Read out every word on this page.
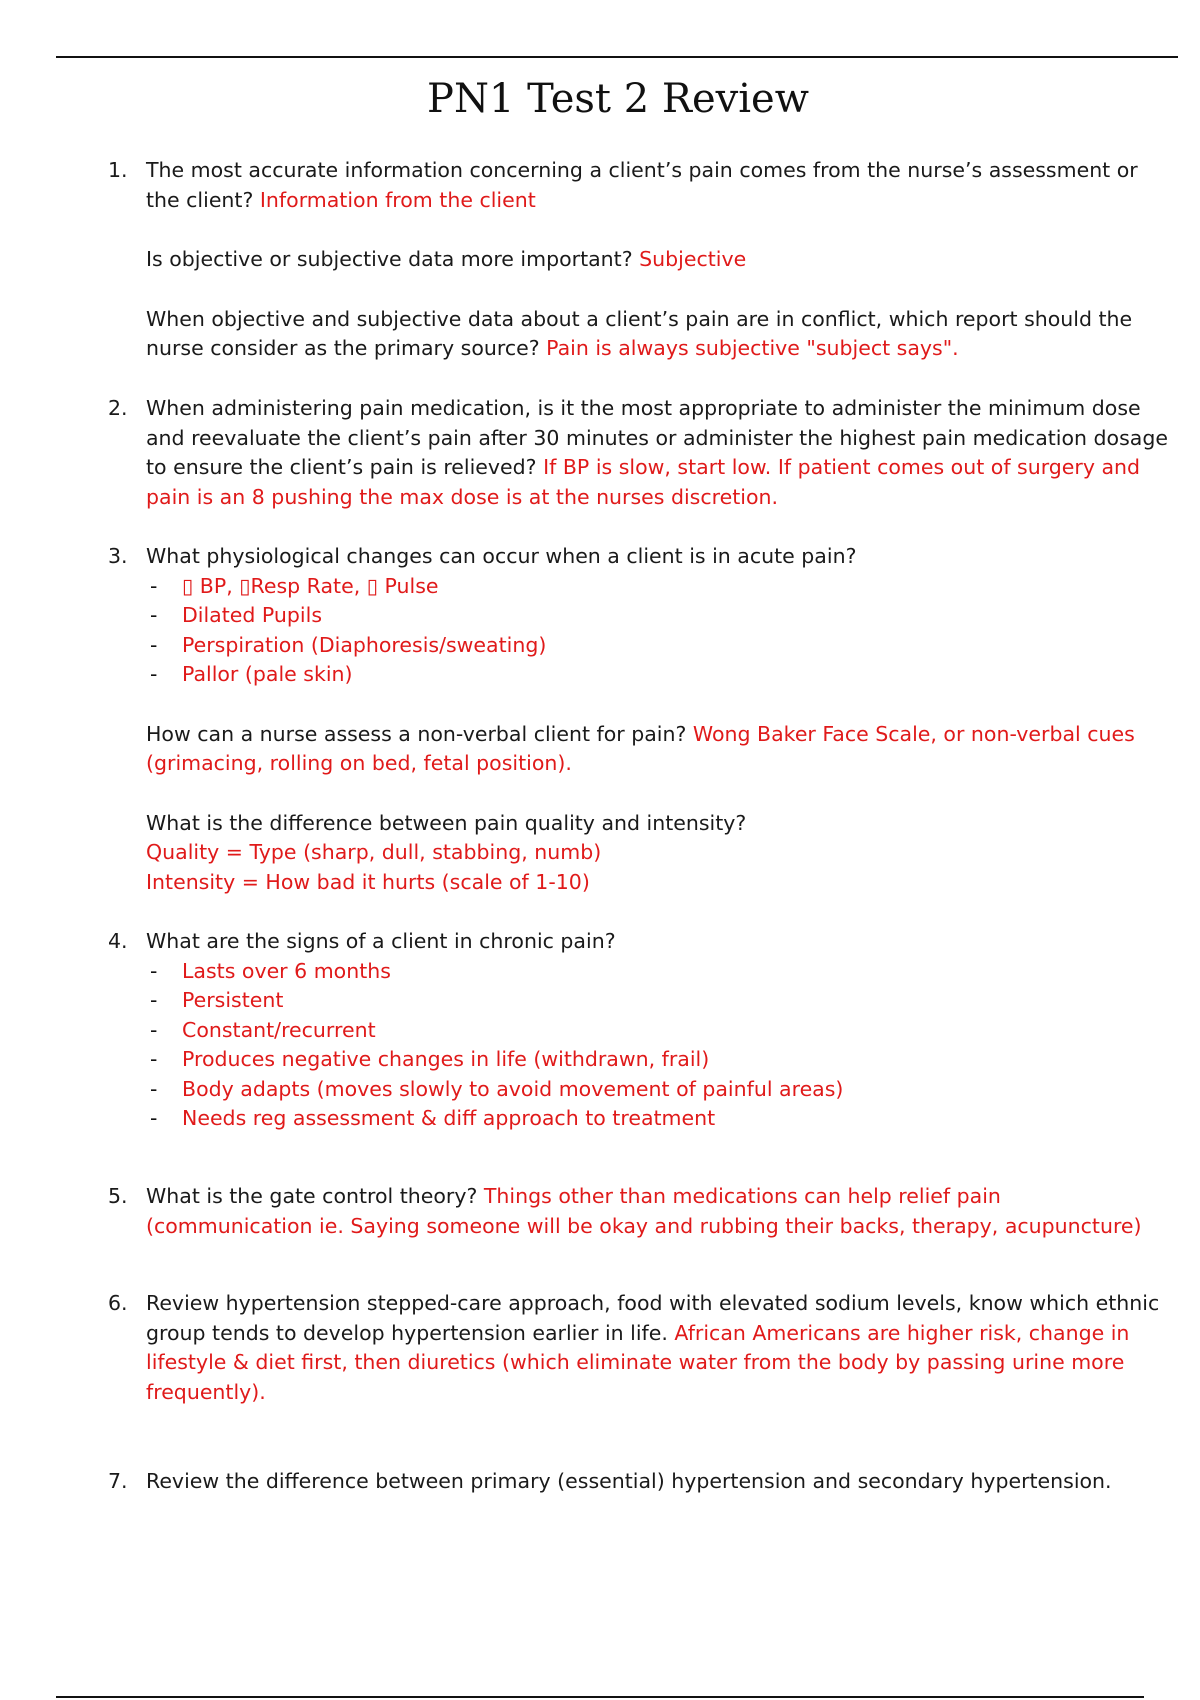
PN1 Test 2 Review
1. The most accurate information concerning a client’s pain comes from the nurse’s assessment or the client? Information from the client
Is objective or subjective data more important? Subjective
When objective and subjective data about a client’s pain are in conflict, which report should the nurse consider as the primary source? Pain is always subjective "subject says".
2. When administering pain medication, is it the most appropriate to administer the minimum dose and reevaluate the client’s pain after 30 minutes or administer the highest pain medication dosage to ensure the client’s pain is relieved? If BP is slow, start low. If patient comes out of surgery and pain is an 8 pushing the max dose is at the nurses discretion.
3. What physiological changes can occur when a client is in acute pain?
- ▯ BP, ▯Resp Rate, ▯ Pulse
- Dilated Pupils
- Perspiration (Diaphoresis/sweating)
- Pallor (pale skin)
How can a nurse assess a non-verbal client for pain? Wong Baker Face Scale, or non-verbal cues (grimacing, rolling on bed, fetal position).
What is the difference between pain quality and intensity?
Quality = Type (sharp, dull, stabbing, numb)
Intensity = How bad it hurts (scale of 1-10)
4. What are the signs of a client in chronic pain?
- Lasts over 6 months
- Persistent
- Constant/recurrent
- Produces negative changes in life (withdrawn, frail)
- Body adapts (moves slowly to avoid movement of painful areas)
- Needs reg assessment & diff approach to treatment
5. What is the gate control theory? Things other than medications can help relief pain (communication ie. Saying someone will be okay and rubbing their backs, therapy, acupuncture)
6. Review hypertension stepped-care approach, food with elevated sodium levels, know which ethnic group tends to develop hypertension earlier in life. African Americans are higher risk, change in lifestyle & diet first, then diuretics (which eliminate water from the body by passing urine more frequently).
7. Review the difference between primary (essential) hypertension and secondary hypertension.
